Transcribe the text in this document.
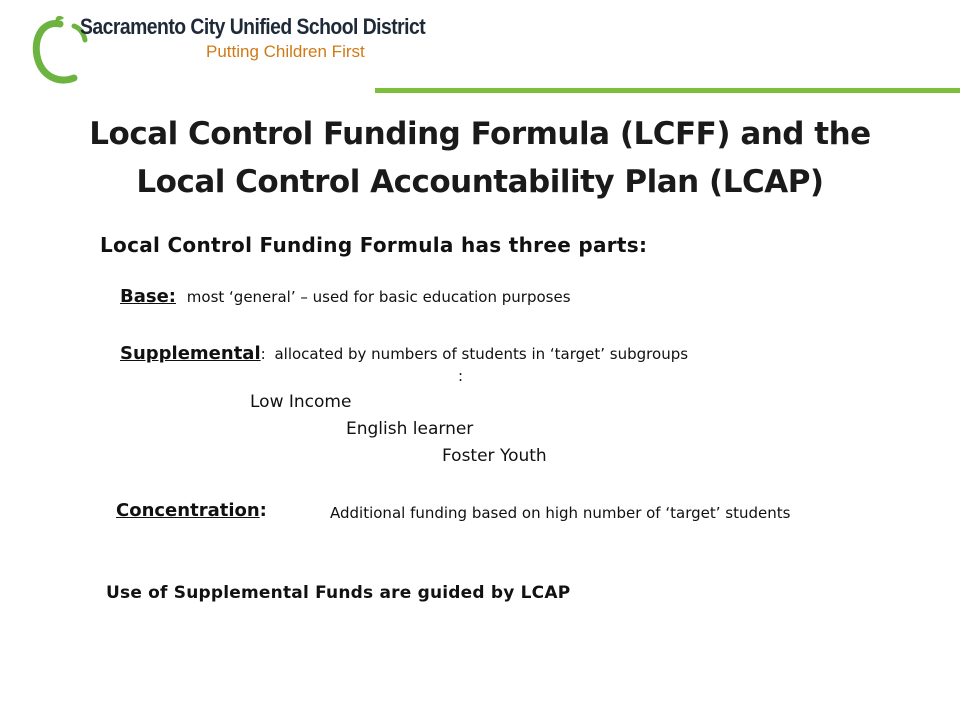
Sacramento City Unified School District
Putting Children First
Local Control Funding Formula (LCFF) and the
Local Control Accountability Plan (LCAP)
Local Control Funding Formula has three parts:
Base: most ‘general’ – used for basic education purposes
Supplemental: allocated by numbers of students in ‘target’ subgroups
:
Low Income
English learner
Foster Youth
Concentration:	Additional funding based on high number of ‘target’ students
Use of Supplemental Funds are guided by LCAP
